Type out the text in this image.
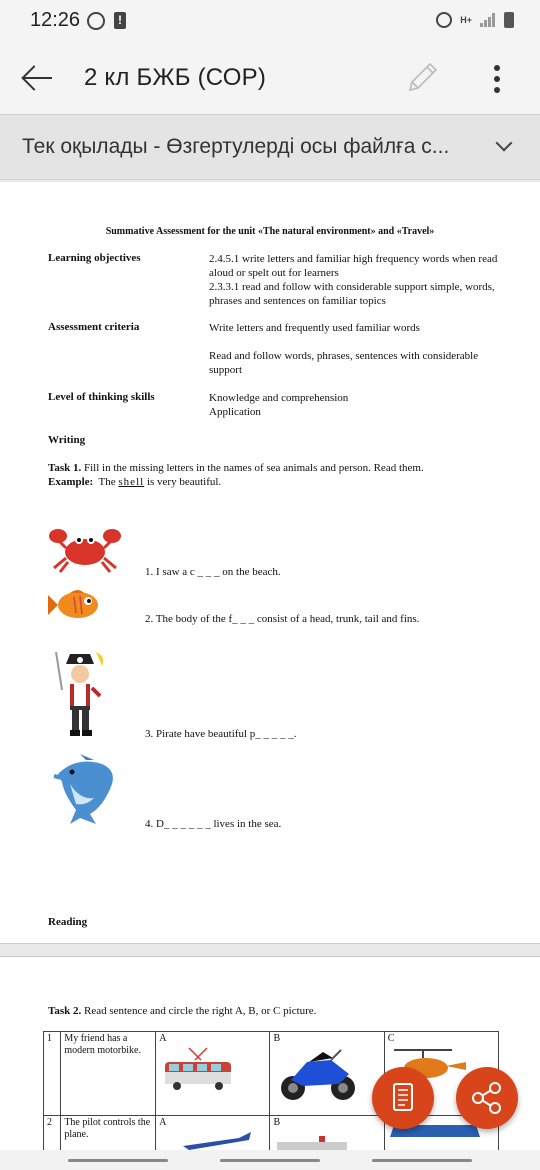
12:26	!	H+
2 кл БЖБ (СОР)
Тек оқылады - Өзгертулерді осы файлға с...
Summative Assessment for the unit «The natural environment» and «Travel»
Learning objectives	2.4.5.1 write letters and familiar high frequency words when read aloud or spelt out for learners
2.3.3.1 read and follow with considerable support simple, words, phrases and sentences on familiar topics
Assessment criteria	Write letters and frequently used familiar words
Read and follow words, phrases, sentences with considerable support
Level of thinking skills	Knowledge and comprehension
Application
Writing
Task 1. Fill in the missing letters in the names of sea animals and person. Read them.
Example: The shell is very beautiful.
1. I saw a c _ _ _ on the beach.
2. The body of the f_ _ _ consist of a head, trunk, tail and fins.
3. Pirate have beautiful p_ _ _ _ _.
4. D_ _ _ _ _ _ lives in the sea.
Reading
Task 2. Read sentence and circle the right A, B, or C picture.
1	My friend has a modern motorbike.	A	B	C

2	The pilot controls the plane.	A	B
